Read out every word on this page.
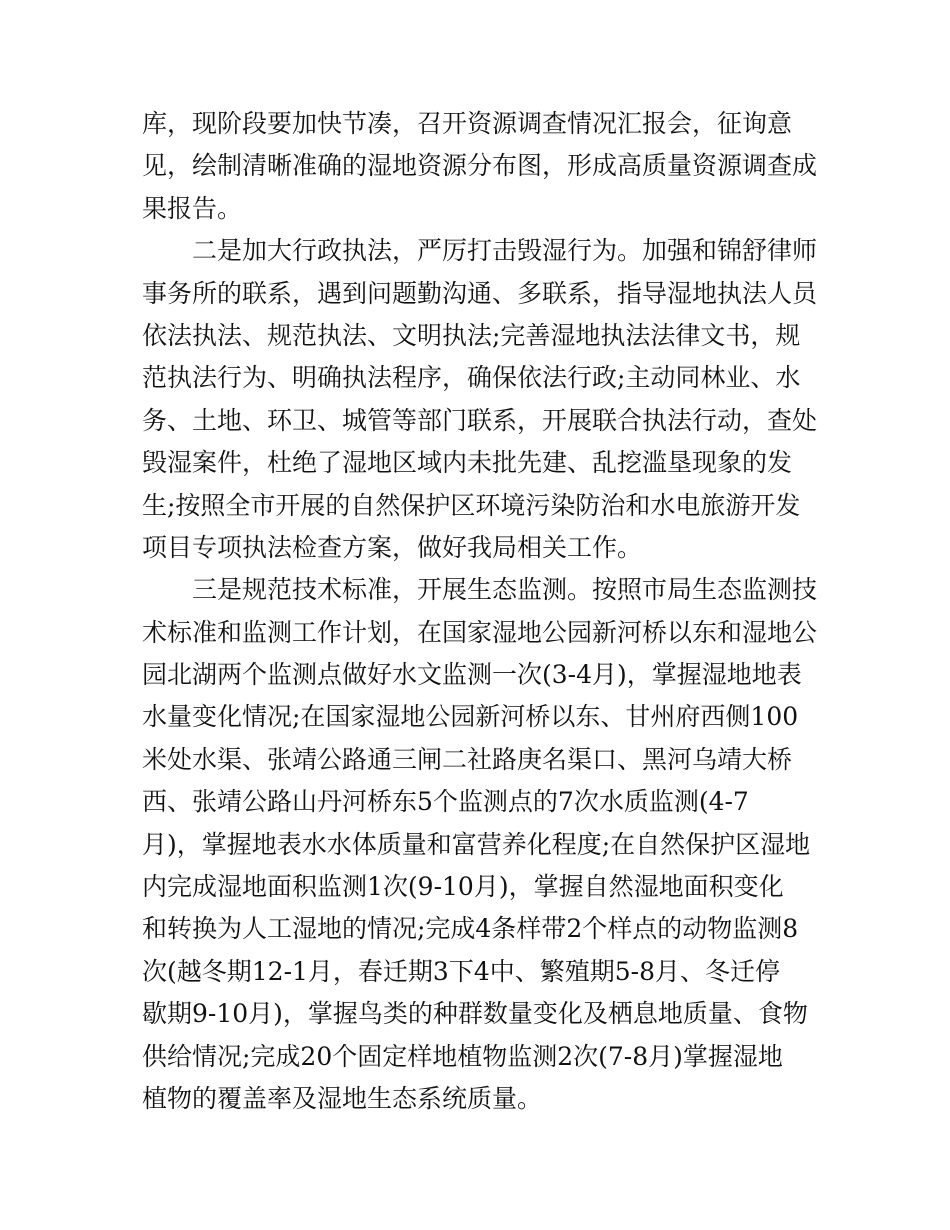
库，现阶段要加快节凑，召开资源调查情况汇报会，征询意
见，绘制清晰准确的湿地资源分布图，形成高质量资源调查成
果报告。
　　二是加大行政执法，严厉打击毁湿行为。加强和锦舒律师
事务所的联系，遇到问题勤沟通、多联系，指导湿地执法人员
依法执法、规范执法、文明执法;完善湿地执法法律文书，规
范执法行为、明确执法程序，确保依法行政;主动同林业、水
务、土地、环卫、城管等部门联系，开展联合执法行动，查处
毁湿案件，杜绝了湿地区域内未批先建、乱挖滥垦现象的发
生;按照全市开展的自然保护区环境污染防治和水电旅游开发
项目专项执法检查方案，做好我局相关工作。
　　三是规范技术标准，开展生态监测。按照市局生态监测技
术标准和监测工作计划，在国家湿地公园新河桥以东和湿地公
园北湖两个监测点做好水文监测一次(3-4月)，掌握湿地地表
水量变化情况;在国家湿地公园新河桥以东、甘州府西侧100
米处水渠、张靖公路通三闸二社路庚名渠口、黑河乌靖大桥
西、张靖公路山丹河桥东5个监测点的7次水质监测(4-7
月)，掌握地表水水体质量和富营养化程度;在自然保护区湿地
内完成湿地面积监测1次(9-10月)，掌握自然湿地面积变化
和转换为人工湿地的情况;完成4条样带2个样点的动物监测8
次(越冬期12-1月，春迁期3下4中、繁殖期5-8月、冬迁停
歇期9-10月)，掌握鸟类的种群数量变化及栖息地质量、食物
供给情况;完成20个固定样地植物监测2次(7-8月)掌握湿地
植物的覆盖率及湿地生态系统质量。
